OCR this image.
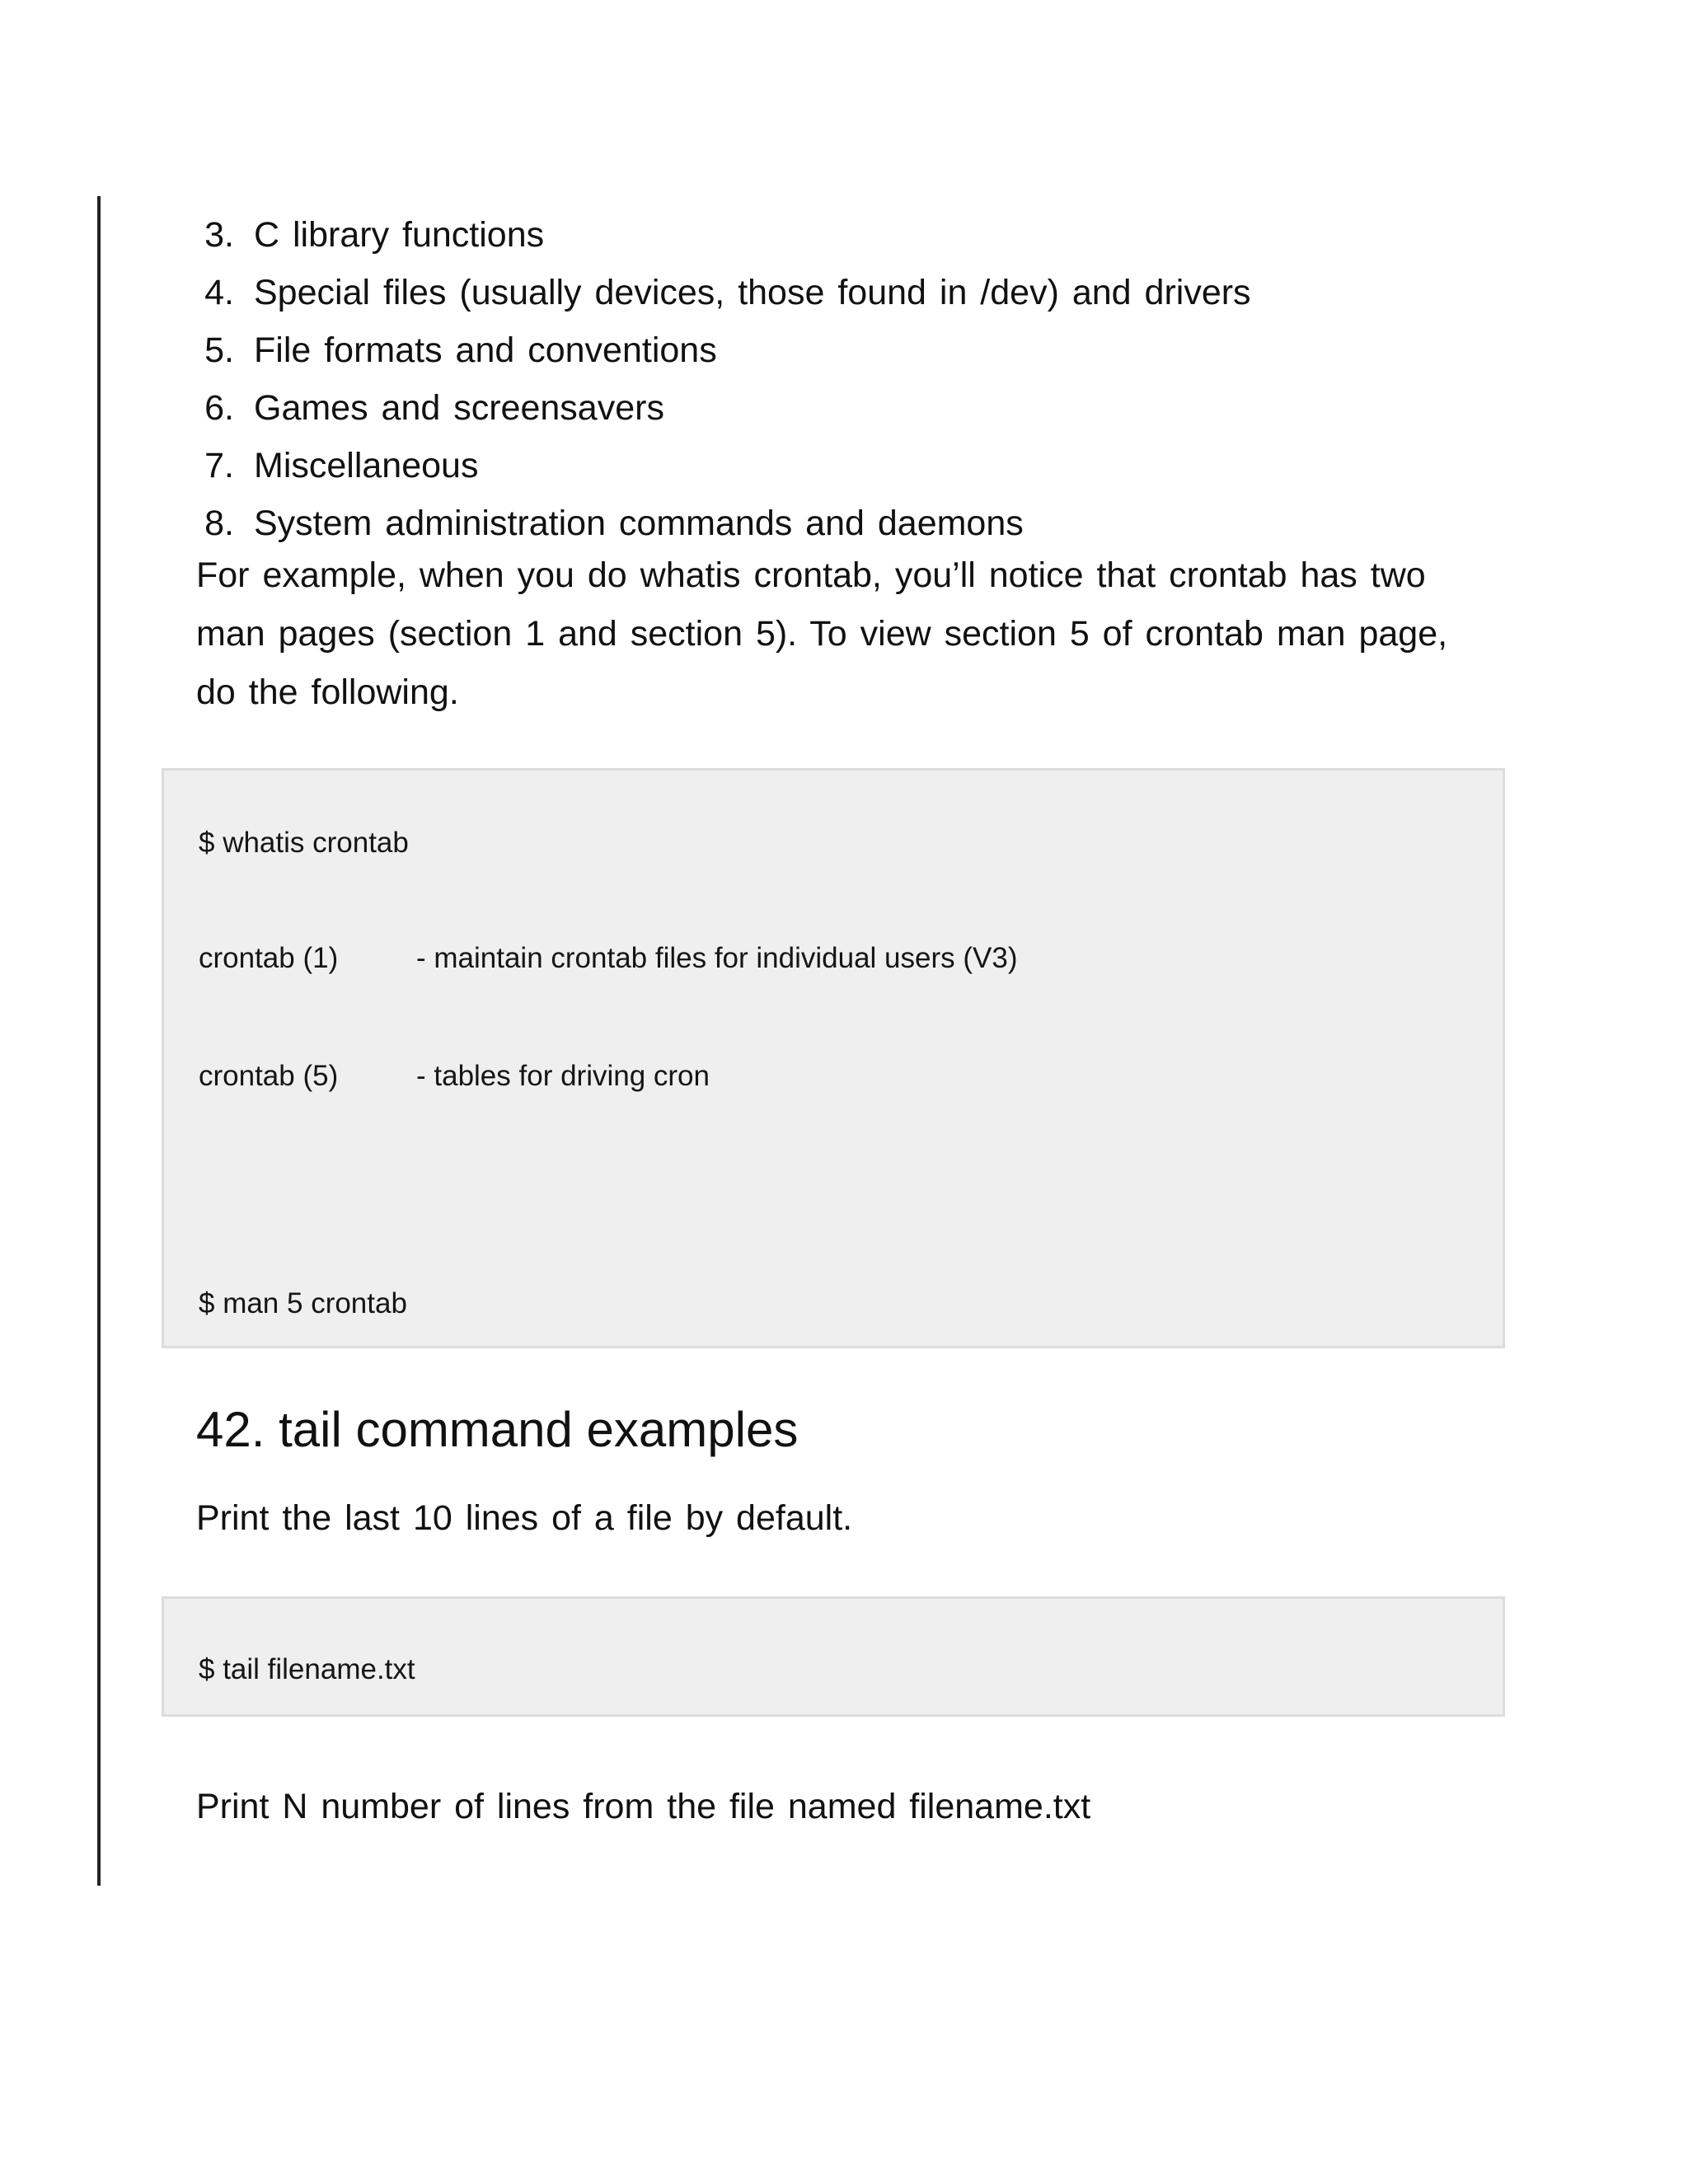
3. C library functions
4. Special files (usually devices, those found in /dev) and drivers
5. File formats and conventions
6. Games and screensavers
7. Miscellaneous
8. System administration commands and daemons

For example, when you do whatis crontab, you’ll notice that crontab has two man pages (section 1 and section 5). To view section 5 of crontab man page, do the following.

$ whatis crontab
crontab (1)	- maintain crontab files for individual users (V3)
crontab (5)	- tables for driving cron
$ man 5 crontab
42. tail command examples

Print the last 10 lines of a file by default.

$ tail filename.txt

Print N number of lines from the file named filename.txt
